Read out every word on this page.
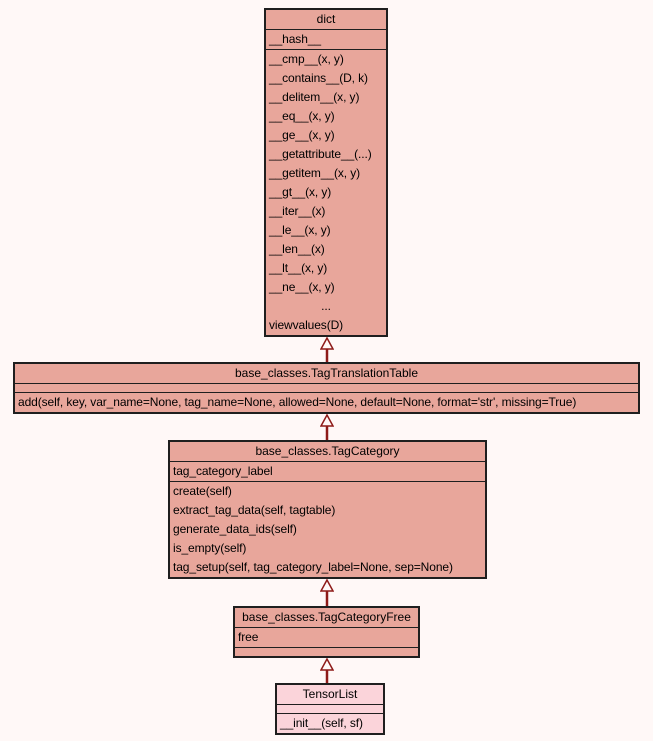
dict
__hash__
__cmp__(x, y)
__contains__(D, k)
__delitem__(x, y)
__eq__(x, y)
__ge__(x, y)
__getattribute__(...)
__getitem__(x, y)
__gt__(x, y)
__iter__(x)
__le__(x, y)
__len__(x)
__lt__(x, y)
__ne__(x, y)
...
viewvalues(D)
base_classes.TagTranslationTable
add(self, key, var_name=None, tag_name=None, allowed=None, default=None, format='str', missing=True)
base_classes.TagCategory
tag_category_label
create(self)
extract_tag_data(self, tagtable)
generate_data_ids(self)
is_empty(self)
tag_setup(self, tag_category_label=None, sep=None)
base_classes.TagCategoryFree
free
TensorList
__init__(self, sf)
